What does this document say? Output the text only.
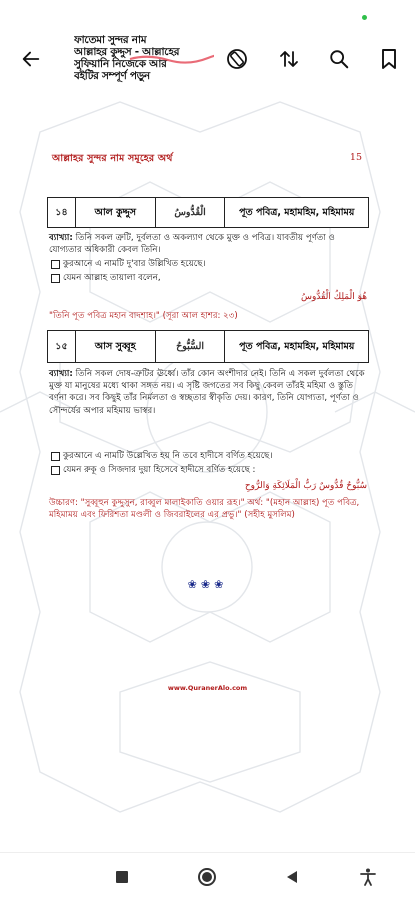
ফাতেমা সুন্দর নাম
আল্লাহর কুদ্দুস - আল্লাহের
সুফিয়ানি নিজেকে আর
বইটির সম্পূর্ণ পড়ুন
আল্লাহর সুন্দর নাম সমূহের অর্থ	15
১৪	আল কুদ্দুস	الْقُدُّوسُ	পূত পবিত্র, মহামহিম, মহিমাময়
ব্যাখ্যা: তিনি সকল ত্রুটি, দুর্বলতা ও অকল্যাণ থেকে মুক্ত ও পবিত্র। যাবতীয় পূর্ণতা ও যোগ্যতার অধিকারী কেবল তিনি।
কুরআনে এ নামটি দু'বার উল্লিখিত হয়েছে।
যেমন আল্লাহ তায়ালা বলেন,
هُوَ الْمَلِكُ الْقُدُّوسُ
"তিনি পূত পবিত্র মহান বাদশাহ।" (সূরা আল হাশর: ২৩)
১৫	আস সুব্বূহ	السُّبُّوحُ	পূত পবিত্র, মহামহিম, মহিমাময়
ব্যাখ্যা: তিনি সকল দোষ-ত্রুটির ঊর্ধ্বে। তাঁর কোন অংশীদার নেই। তিনি এ সকল দুর্বলতা থেকে মুক্ত যা মানুষের মধ্যে থাকা সঙ্গত নয়। এ সৃষ্টি জগতের সব কিছু কেবল তাঁরই মহিমা ও স্তুতি বর্ণনা করে। সব কিছুই তাঁর নির্মলতা ও স্বচ্ছতার স্বীকৃতি দেয়। কারণ, তিনি যোগ্যতা, পূর্ণতা ও সৌন্দর্যের অপার মহিমায় ভাস্বর।
কুরআনে এ নামটি উল্লেখিত হয় নি তবে হাদীসে বর্ণিত হয়েছে।
যেমন রুকূ ও সিজদার দুয়া হিসেবে হাদীসে বর্ণিত হয়েছে :
سُبُّوحٌ قُدُّوسٌ رَبُّ الْمَلَائِكَةِ وَالرُّوحِ
উচ্চারণ: "সুব্বূহুন কুদ্দুসুন, রাব্বুল মালাইকাতি ওয়ার রূহ।" অর্থ: "(মহান আল্লাহ) পূত পবিত্র, মহিমাময় এবং ফিরিশতা মণ্ডলী ও জিবরাইলের এর প্রভু।" (সহীহ মুসলিম)
❀❀❀
www.QuranerAlo.com
